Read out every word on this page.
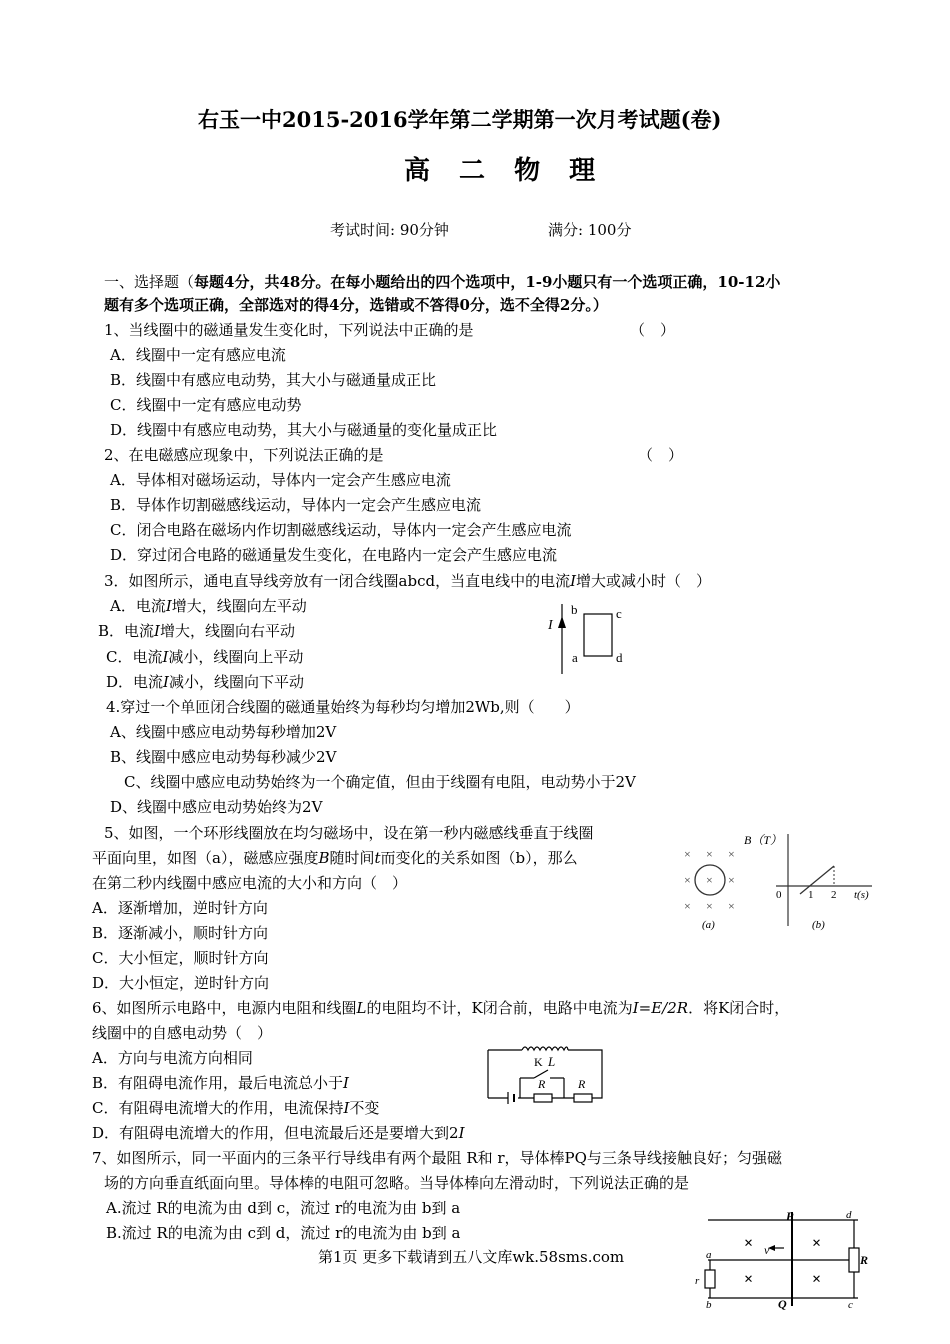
右玉一中2015-2016学年第二学期第一次月考试题(卷)
高 二 物 理
考试时间: 90分钟	满分: 100分
一、选择题（每题4分，共48分。在每小题给出的四个选项中，1-9小题只有一个选项正确，10-12小
题有多个选项正确，全部选对的得4分，选错或不答得0分，选不全得2分。）
1、当线圈中的磁通量发生变化时，下列说法中正确的是	（　）
A．线圈中一定有感应电流
B．线圈中有感应电动势，其大小与磁通量成正比
C．线圈中一定有感应电动势
D．线圈中有感应电动势，其大小与磁通量的变化量成正比
2、在电磁感应现象中，下列说法正确的是	（　）
A．导体相对磁场运动，导体内一定会产生感应电流
B．导体作切割磁感线运动，导体内一定会产生感应电流
C．闭合电路在磁场内作切割磁感线运动，导体内一定会产生感应电流
D．穿过闭合电路的磁通量发生变化，在电路内一定会产生感应电流
3．如图所示，通电直导线旁放有一闭合线圈abcd，当直电线中的电流I增大或减小时（　）
A．电流I增大，线圈向左平动
B．电流I增大，线圈向右平动
C．电流I减小，线圈向上平动
D．电流I减小，线圈向下平动
I
b	c
a	d
4.穿过一个单匝闭合线圈的磁通量始终为每秒均匀增加2Wb,则（　　）
A、线圈中感应电动势每秒增加2V
B、线圈中感应电动势每秒减少2V
C、线圈中感应电动势始终为一个确定值，但由于线圈有电阻，电动势小于2V
D、线圈中感应电动势始终为2V
5、如图，一个环形线圈放在均匀磁场中，设在第一秒内磁感线垂直于线圈
平面向里，如图（a），磁感应强度B随时间t而变化的关系如图（b），那么
在第二秒内线圈中感应电流的大小和方向（　）
A．逐渐增加，逆时针方向
B．逐渐减小，顺时针方向
C．大小恒定，顺时针方向
D．大小恒定，逆时针方向
× × ×
× × ×
× × ×
(a)
B（T）
t(s)
0 1 2
(b)
6、如图所示电路中，电源内电阻和线圈L的电阻均不计，K闭合前，电路中电流为I=E/2R．将K闭合时，
线圈中的自感电动势（　）
A．方向与电流方向相同
B．有阻碍电流作用，最后电流总小于I
C．有阻碍电流增大的作用，电流保持I不变
D．有阻碍电流增大的作用，但电流最后还是要增大到2I
L
K
R	R
7、如图所示，同一平面内的三条平行导线串有两个最阻 R和 r，导体棒PQ与三条导线接触良好；匀强磁
场的方向垂直纸面向里。导体棒的电阻可忽略。当导体棒向左滑动时，下列说法正确的是
A.流过 R的电流为由 d到 c，流过 r的电流为由 b到 a
B.流过 R的电流为由 c到 d，流过 r的电流为由 b到 a
v
×	×
×	×
P
Q
a
b
d
c
R
r
第1页 更多下载请到五八文库wk.58sms.com
